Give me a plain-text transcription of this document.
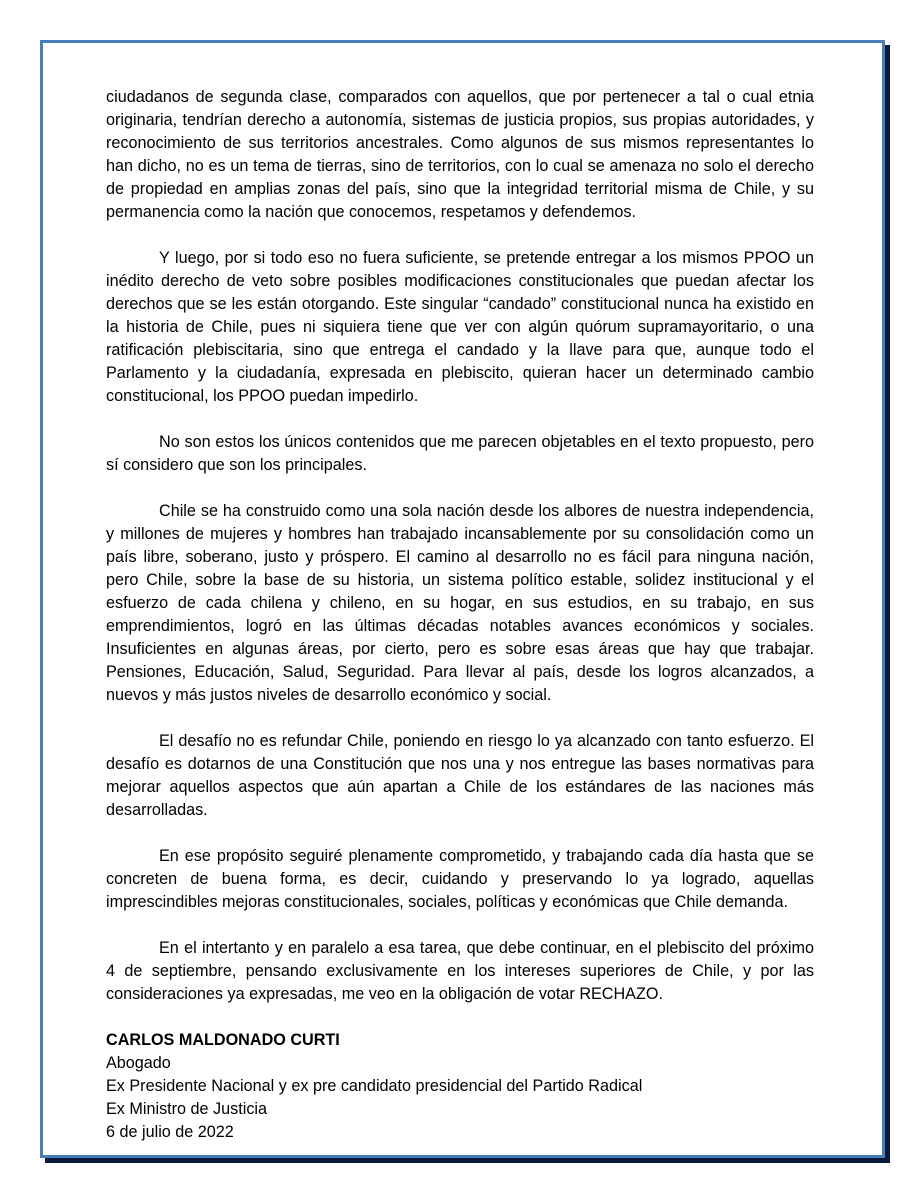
ciudadanos de segunda clase, comparados con aquellos, que por pertenecer a tal o cual etnia originaria, tendrían derecho a autonomía, sistemas de justicia propios, sus propias autoridades, y reconocimiento de sus territorios ancestrales. Como algunos de sus mismos representantes lo han dicho, no es un tema de tierras, sino de territorios, con lo cual se amenaza no solo el derecho de propiedad en amplias zonas del país, sino que la integridad territorial misma de Chile, y su permanencia como la nación que conocemos, respetamos y defendemos.

Y luego, por si todo eso no fuera suficiente, se pretende entregar a los mismos PPOO un inédito derecho de veto sobre posibles modificaciones constitucionales que puedan afectar los derechos que se les están otorgando. Este singular “candado” constitucional nunca ha existido en la historia de Chile, pues ni siquiera tiene que ver con algún quórum supramayoritario, o una ratificación plebiscitaria, sino que entrega el candado y la llave para que, aunque todo el Parlamento y la ciudadanía, expresada en plebiscito, quieran hacer un determinado cambio constitucional, los PPOO puedan impedirlo.

No son estos los únicos contenidos que me parecen objetables en el texto propuesto, pero sí considero que son los principales.

Chile se ha construido como una sola nación desde los albores de nuestra independencia, y millones de mujeres y hombres han trabajado incansablemente por su consolidación como un país libre, soberano, justo y próspero. El camino al desarrollo no es fácil para ninguna nación, pero Chile, sobre la base de su historia, un sistema político estable, solidez institucional y el esfuerzo de cada chilena y chileno, en su hogar, en sus estudios, en su trabajo, en sus emprendimientos, logró en las últimas décadas notables avances económicos y sociales. Insuficientes en algunas áreas, por cierto, pero es sobre esas áreas que hay que trabajar. Pensiones, Educación, Salud, Seguridad. Para llevar al país, desde los logros alcanzados, a nuevos y más justos niveles de desarrollo económico y social.

El desafío no es refundar Chile, poniendo en riesgo lo ya alcanzado con tanto esfuerzo. El desafío es dotarnos de una Constitución que nos una y nos entregue las bases normativas para mejorar aquellos aspectos que aún apartan a Chile de los estándares de las naciones más desarrolladas.

En ese propósito seguiré plenamente comprometido, y trabajando cada día hasta que se concreten de buena forma, es decir, cuidando y preservando lo ya logrado, aquellas imprescindibles mejoras constitucionales, sociales, políticas y económicas que Chile demanda.

En el intertanto y en paralelo a esa tarea, que debe continuar, en el plebiscito del próximo 4 de septiembre, pensando exclusivamente en los intereses superiores de Chile, y por las consideraciones ya expresadas, me veo en la obligación de votar RECHAZO.

CARLOS MALDONADO CURTI
Abogado
Ex Presidente Nacional y ex pre candidato presidencial del Partido Radical
Ex Ministro de Justicia
6 de julio de 2022
